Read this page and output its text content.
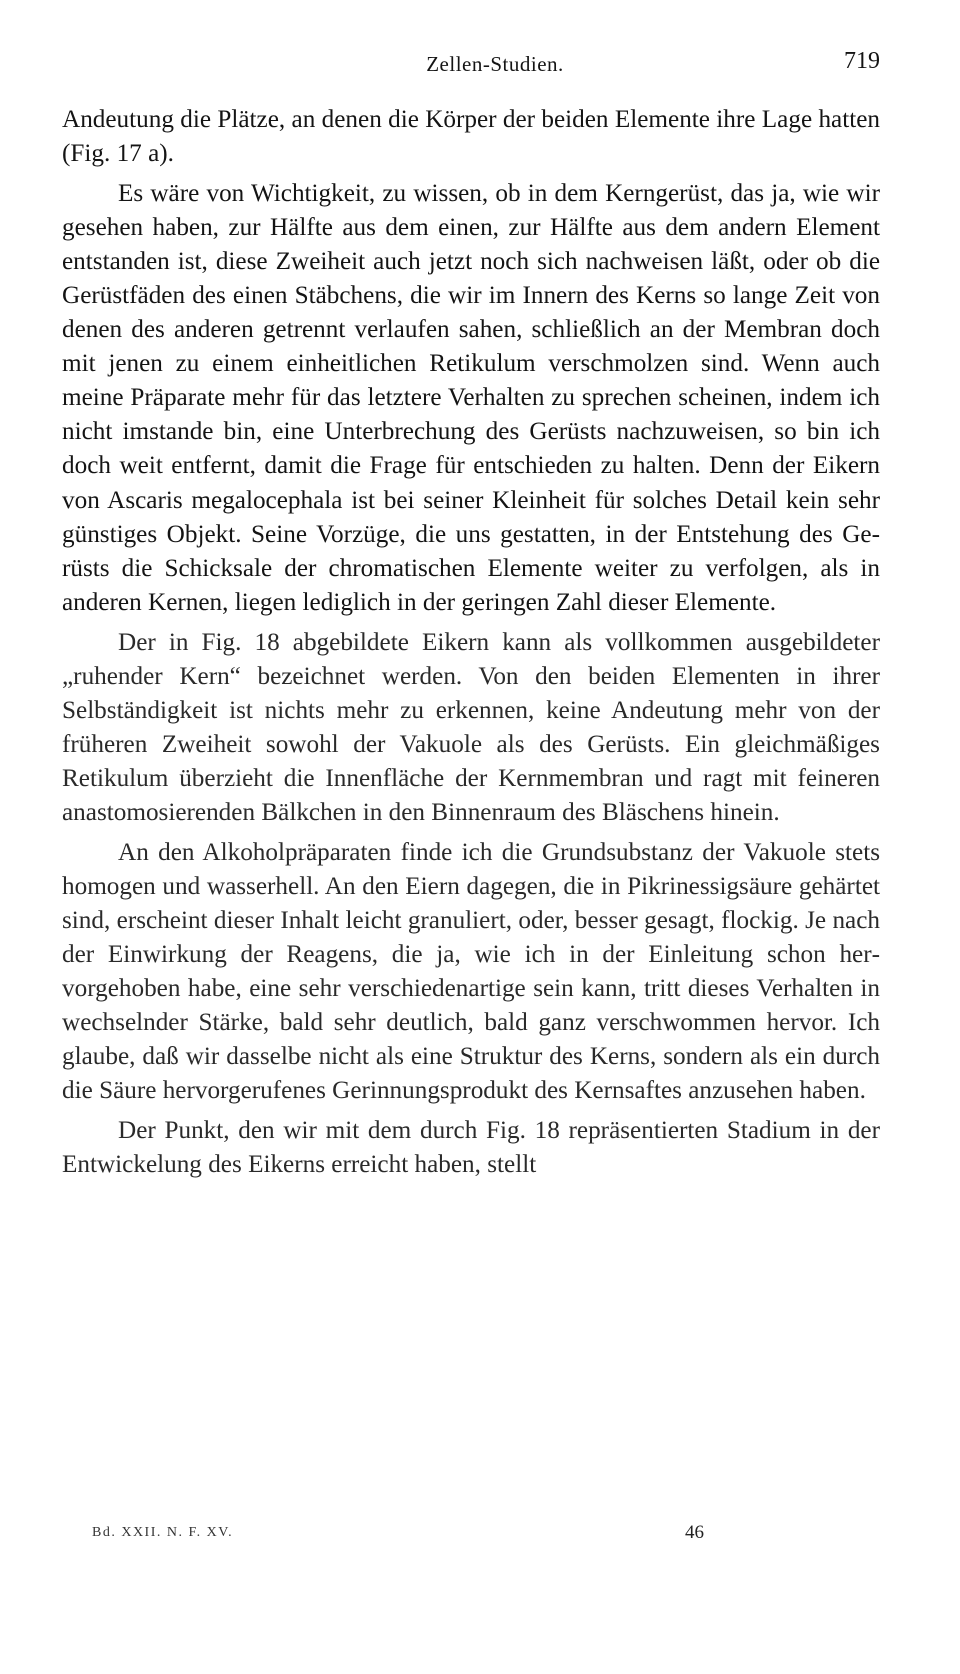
Zellen-Studien.	719

Andeutung die Plätze, an denen die Körper der beiden Elemente ihre Lage hatten (Fig. 17 a).

Es wäre von Wichtigkeit, zu wissen, ob in dem Kerngerüst, das ja, wie wir gesehen haben, zur Hälfte aus dem einen, zur Hälfte aus dem andern Element entstanden ist, diese Zweiheit auch jetzt noch sich nachweisen läßt, oder ob die Gerüstfäden des einen Stäbchens, die wir im Innern des Kerns so lange Zeit von denen des anderen getrennt verlaufen sahen, schließlich an der Membran doch mit jenen zu einem einheitlichen Retikulum verschmolzen sind. Wenn auch meine Präparate mehr für das letztere Verhalten zu sprechen scheinen, indem ich nicht imstande bin, eine Unterbrechung des Gerüsts nachzuweisen, so bin ich doch weit entfernt, damit die Frage für entschieden zu halten. Denn der Eikern von Ascaris megalocephala ist bei seiner Kleinheit für solches Detail kein sehr günstiges Objekt. Seine Vorzüge, die uns gestatten, in der Entstehung des Gerüsts die Schicksale der chromatischen Elemente weiter zu verfolgen, als in anderen Kernen, liegen lediglich in der geringen Zahl dieser Elemente.

Der in Fig. 18 abgebildete Eikern kann als vollkommen ausgebildeter „ruhender Kern“ bezeichnet werden. Von den beiden Elementen in ihrer Selbständigkeit ist nichts mehr zu erkennen, keine Andeutung mehr von der früheren Zweiheit sowohl der Vakuole als des Gerüsts. Ein gleichmäßiges Retikulum überzieht die Innenfläche der Kernmembran und ragt mit feineren anastomosierenden Bälkchen in den Binnenraum des Bläschens hinein.

An den Alkoholpräparaten finde ich die Grundsubstanz der Vakuole stets homogen und wasserhell. An den Eiern dagegen, die in Pikrinessigsäure gehärtet sind, erscheint dieser Inhalt leicht granuliert, oder, besser gesagt, flockig. Je nach der Einwirkung der Reagens, die ja, wie ich in der Einleitung schon hervorgehoben habe, eine sehr verschiedenartige sein kann, tritt dieses Verhalten in wechselnder Stärke, bald sehr deutlich, bald ganz verschwommen hervor. Ich glaube, daß wir dasselbe nicht als eine Struktur des Kerns, sondern als ein durch die Säure hervorgerufenes Gerinnungsprodukt des Kernsaftes anzusehen haben.

Der Punkt, den wir mit dem durch Fig. 18 repräsentierten Stadium in der Entwickelung des Eikerns erreicht haben, stellt

Bd. XXII. N. F. XV.	46
